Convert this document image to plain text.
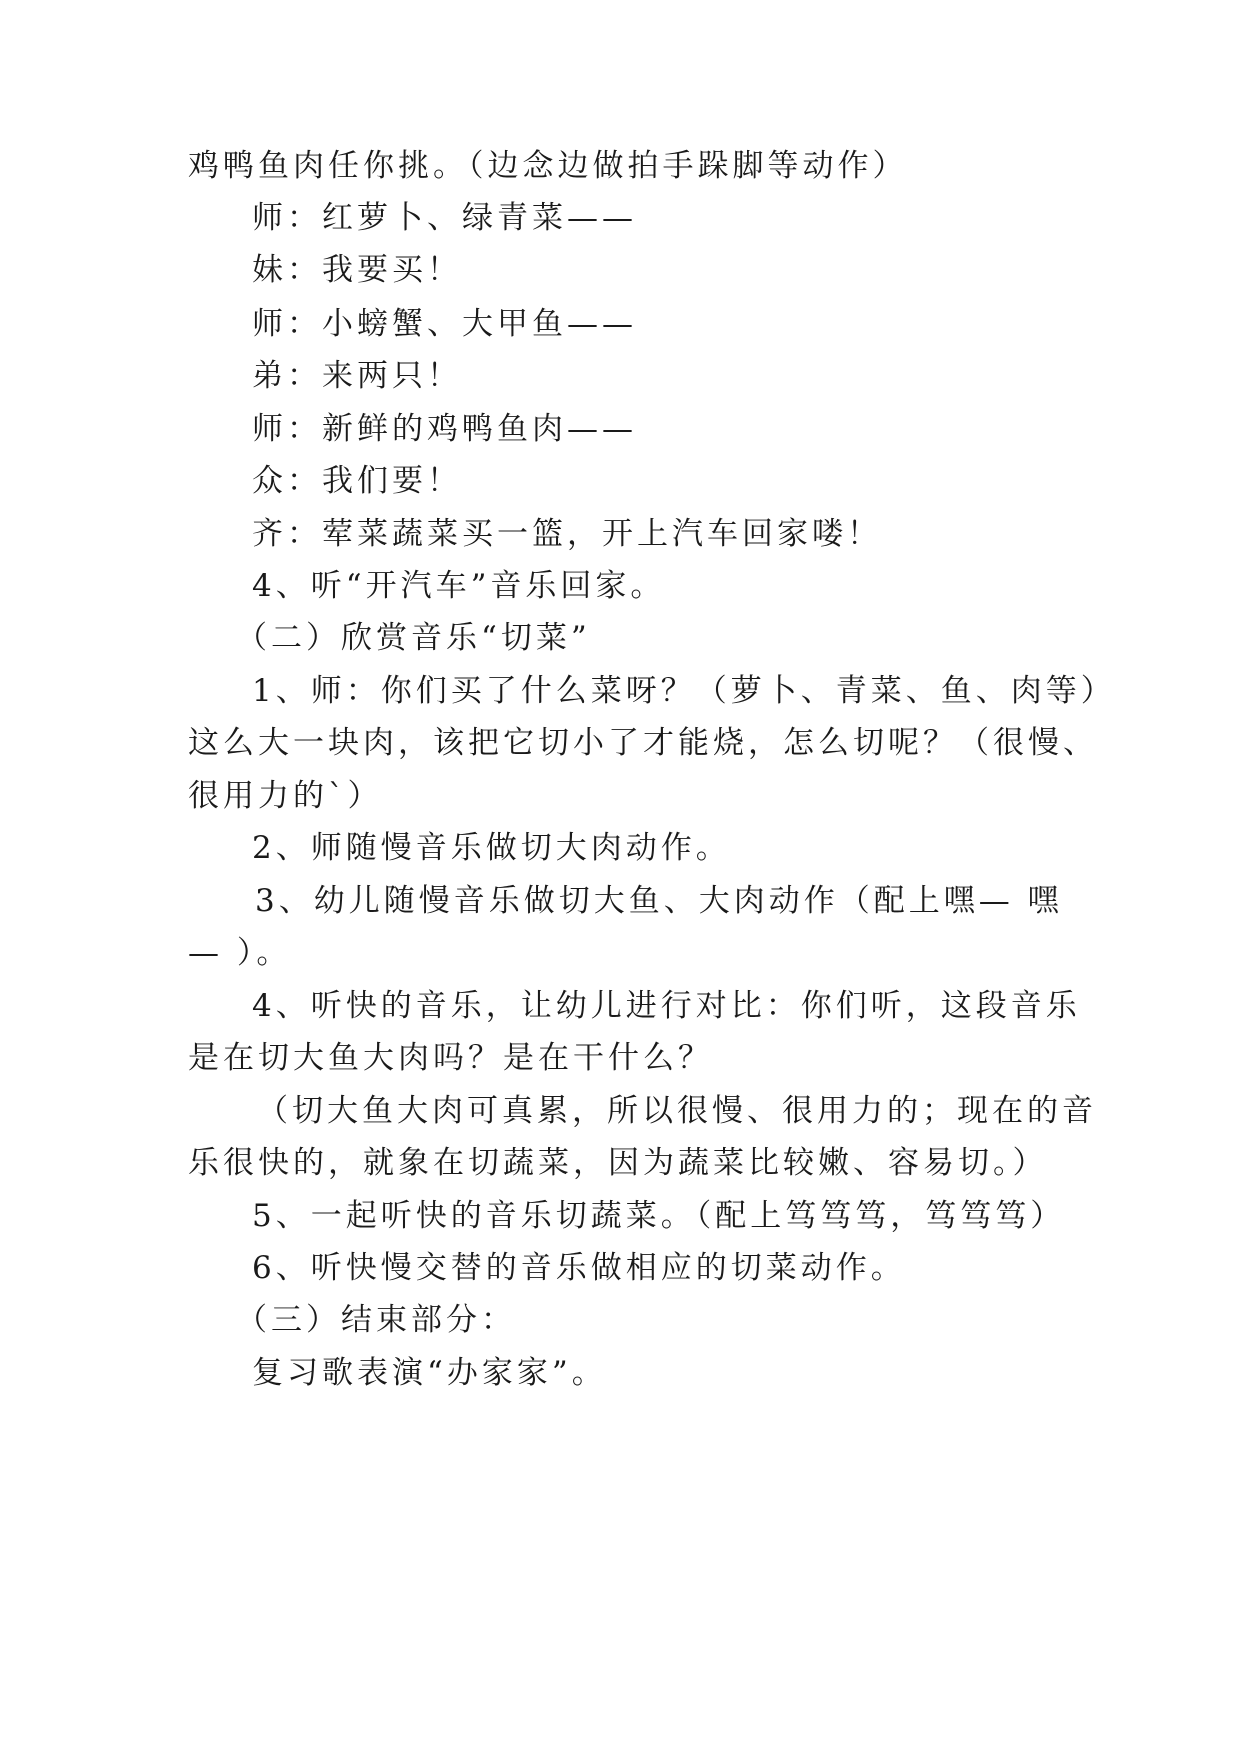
鸡鸭鱼肉任你挑。（边念边做拍手跺脚等动作）
师：红萝卜、绿青菜——
妹：我要买！
师：小螃蟹、大甲鱼——
弟：来两只！
师：新鲜的鸡鸭鱼肉——
众：我们要！
齐：荤菜蔬菜买一篮，开上汽车回家喽！
4、听“开汽车”音乐回家。
（二）欣赏音乐“切菜”
1、师：你们买了什么菜呀？（萝卜、青菜、鱼、肉等）
这么大一块肉，该把它切小了才能烧，怎么切呢？（很慢、
很用力的`）
2、师随慢音乐做切大肉动作。
3、幼儿随慢音乐做切大鱼、大肉动作（配上嘿— 嘿
— ）。
4、听快的音乐，让幼儿进行对比：你们听，这段音乐
是在切大鱼大肉吗？是在干什么？
（切大鱼大肉可真累，所以很慢、很用力的；现在的音
乐很快的，就象在切蔬菜，因为蔬菜比较嫩、容易切。）
5、一起听快的音乐切蔬菜。（配上笃笃笃，笃笃笃）
6、听快慢交替的音乐做相应的切菜动作。
（三）结束部分：
复习歌表演“办家家”。
